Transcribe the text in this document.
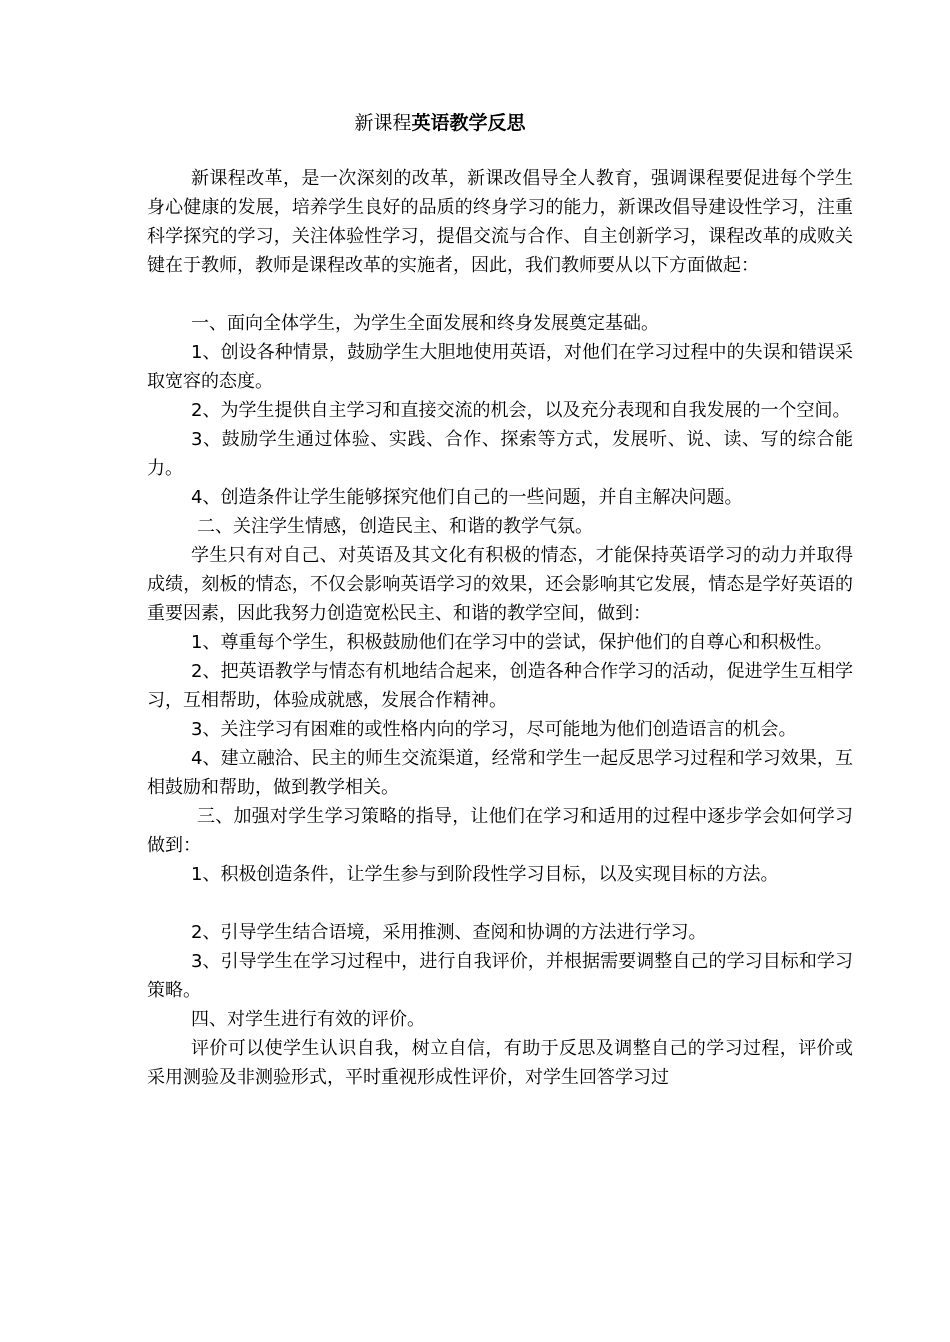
新课程英语教学反思

新课程改革，是一次深刻的改革，新课改倡导全人教育，强调课程要促进每个学生身心健康的发展，培养学生良好的品质的终身学习的能力，新课改倡导建设性学习，注重科学探究的学习，关注体验性学习，提倡交流与合作、自主创新学习，课程改革的成败关键在于教师，教师是课程改革的实施者，因此，我们教师要从以下方面做起：

一、面向全体学生，为学生全面发展和终身发展奠定基础。

1、创设各种情景，鼓励学生大胆地使用英语，对他们在学习过程中的失误和错误采取宽容的态度。

2、为学生提供自主学习和直接交流的机会，以及充分表现和自我发展的一个空间。

3、鼓励学生通过体验、实践、合作、探索等方式，发展听、说、读、写的综合能力。

4、创造条件让学生能够探究他们自己的一些问题，并自主解决问题。

二、关注学生情感，创造民主、和谐的教学气氛。

学生只有对自己、对英语及其文化有积极的情态，才能保持英语学习的动力并取得成绩，刻板的情态，不仅会影响英语学习的效果，还会影响其它发展，情态是学好英语的重要因素，因此我努力创造宽松民主、和谐的教学空间，做到：

1、尊重每个学生，积极鼓励他们在学习中的尝试，保护他们的自尊心和积极性。

2、把英语教学与情态有机地结合起来，创造各种合作学习的活动，促进学生互相学习，互相帮助，体验成就感，发展合作精神。

3、关注学习有困难的或性格内向的学习，尽可能地为他们创造语言的机会。

4、建立融洽、民主的师生交流渠道，经常和学生一起反思学习过程和学习效果，互相鼓励和帮助，做到教学相关。

三、加强对学生学习策略的指导，让他们在学习和适用的过程中逐步学会如何学习做到：

1、积极创造条件，让学生参与到阶段性学习目标，以及实现目标的方法。

2、引导学生结合语境，采用推测、查阅和协调的方法进行学习。

3、引导学生在学习过程中，进行自我评价，并根据需要调整自己的学习目标和学习策略。

四、对学生进行有效的评价。

评价可以使学生认识自我，树立自信，有助于反思及调整自己的学习过程，评价或采用测验及非测验形式，平时重视形成性评价，对学生回答学习过
